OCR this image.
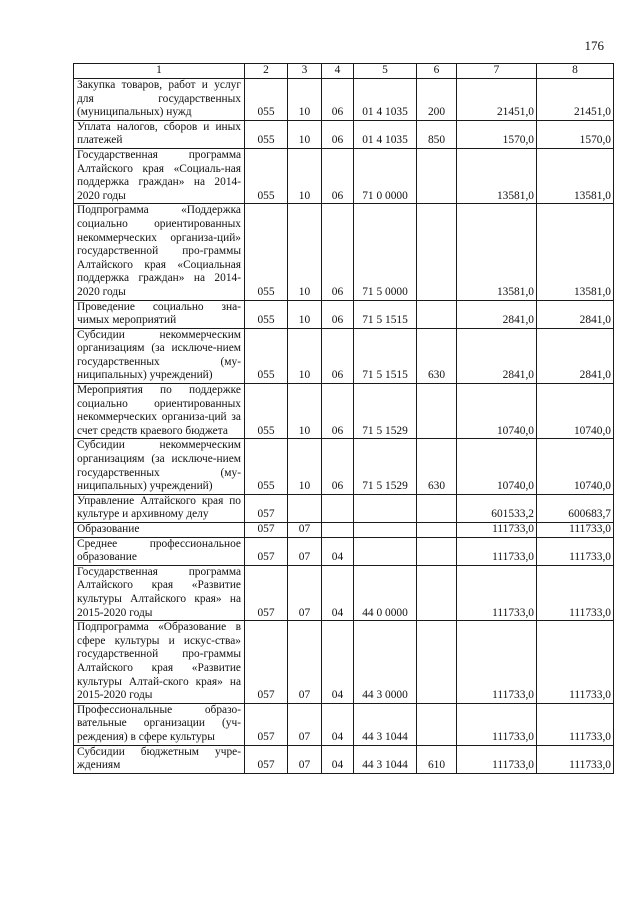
176
1	2	3	4	5	6	7	8
Закупка товаров, работ и услуг для государственных (муниципальных) нужд	055	10	06	01 4 1035	200	21451,0	21451,0
Уплата налогов, сборов и иных платежей	055	10	06	01 4 1035	850	1570,0	1570,0
Государственная программа Алтайского края «Социаль-ная поддержка граждан» на 2014-2020 годы	055	10	06	71 0 0000		13581,0	13581,0
Подпрограмма «Поддержка социально ориентированных некоммерческих организа-ций» государственной про-граммы Алтайского края «Социальная поддержка граждан» на 2014-2020 годы	055	10	06	71 5 0000		13581,0	13581,0
Проведение социально зна-чимых мероприятий	055	10	06	71 5 1515		2841,0	2841,0
Субсидии некоммерческим организациям (за исключе-нием государственных (му-ниципальных) учреждений)	055	10	06	71 5 1515	630	2841,0	2841,0
Мероприятия по поддержке социально ориентированных некоммерческих организа-ций за счет средств краевого бюджета	055	10	06	71 5 1529		10740,0	10740,0
Субсидии некоммерческим организациям (за исключе-нием государственных (му-ниципальных) учреждений)	055	10	06	71 5 1529	630	10740,0	10740,0
Управление Алтайского края по культуре и архивному делу	057					601533,2	600683,7
Образование	057	07				111733,0	111733,0
Среднее профессиональное образование	057	07	04			111733,0	111733,0
Государственная программа Алтайского края «Развитие культуры Алтайского края» на 2015-2020 годы	057	07	04	44 0 0000		111733,0	111733,0
Подпрограмма «Образование в сфере культуры и искус-ства» государственной про-граммы Алтайского края «Развитие культуры Алтай-ского края» на 2015-2020 годы	057	07	04	44 3 0000		111733,0	111733,0
Профессиональные образо-вательные организации (уч-реждения) в сфере культуры	057	07	04	44 3 1044		111733,0	111733,0
Субсидии бюджетным учре-ждениям	057	07	04	44 3 1044	610	111733,0	111733,0
